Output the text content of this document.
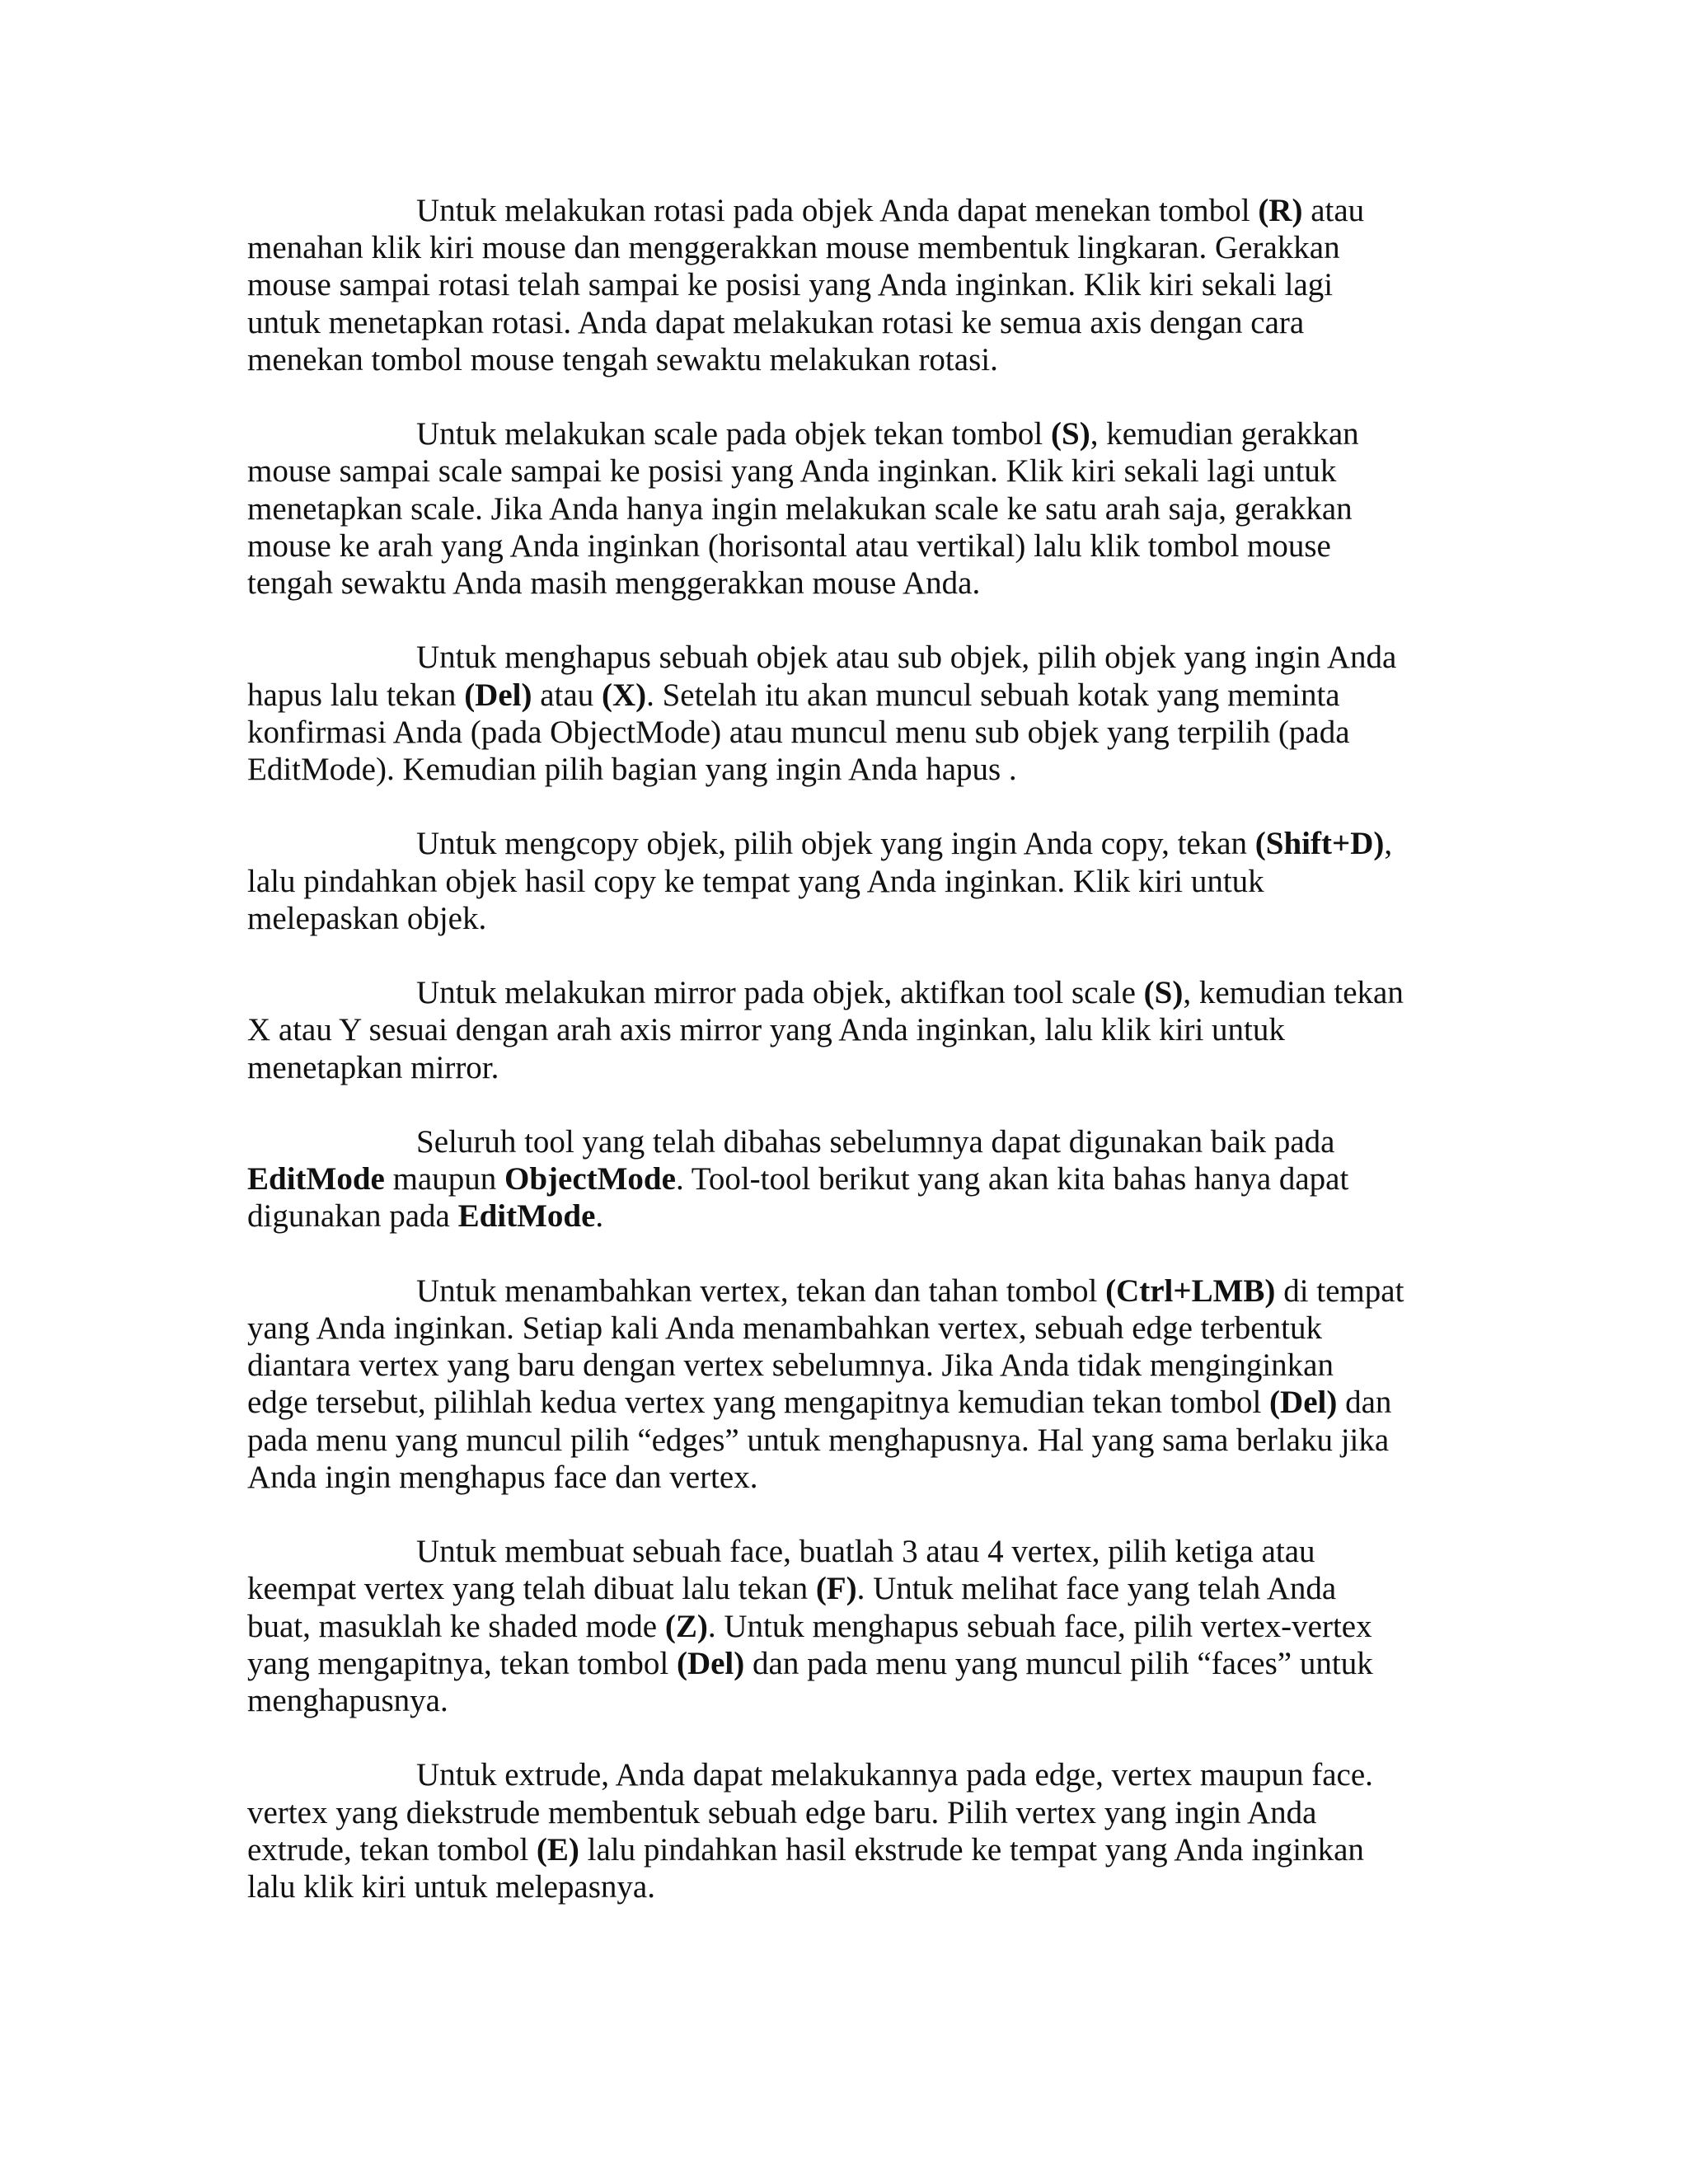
Untuk melakukan rotasi pada objek Anda dapat menekan tombol (R) atau
menahan klik kiri mouse dan menggerakkan mouse membentuk lingkaran. Gerakkan
mouse sampai rotasi telah sampai ke posisi yang Anda inginkan. Klik kiri sekali lagi
untuk menetapkan rotasi. Anda dapat melakukan rotasi ke semua axis dengan cara
menekan tombol mouse tengah sewaktu melakukan rotasi.

Untuk melakukan scale pada objek tekan tombol (S), kemudian gerakkan
mouse sampai scale sampai ke posisi yang Anda inginkan. Klik kiri sekali lagi untuk
menetapkan scale. Jika Anda hanya ingin melakukan scale ke satu arah saja, gerakkan
mouse ke arah yang Anda inginkan (horisontal atau vertikal) lalu klik tombol mouse
tengah sewaktu Anda masih menggerakkan mouse Anda.

Untuk menghapus sebuah objek atau sub objek, pilih objek yang ingin Anda
hapus lalu tekan (Del) atau (X). Setelah itu akan muncul sebuah kotak yang meminta
konfirmasi Anda (pada ObjectMode) atau muncul menu sub objek yang terpilih (pada
EditMode). Kemudian pilih bagian yang ingin Anda hapus .

Untuk mengcopy objek, pilih objek yang ingin Anda copy, tekan (Shift+D),
lalu pindahkan objek hasil copy ke tempat yang Anda inginkan. Klik kiri untuk
melepaskan objek.

Untuk melakukan mirror pada objek, aktifkan tool scale (S), kemudian tekan
X atau Y sesuai dengan arah axis mirror yang Anda inginkan, lalu klik kiri untuk
menetapkan mirror.

Seluruh tool yang telah dibahas sebelumnya dapat digunakan baik pada
EditMode maupun ObjectMode. Tool-tool berikut yang akan kita bahas hanya dapat
digunakan pada EditMode.

Untuk menambahkan vertex, tekan dan tahan tombol (Ctrl+LMB) di tempat
yang Anda inginkan. Setiap kali Anda menambahkan vertex, sebuah edge terbentuk
diantara vertex yang baru dengan vertex sebelumnya. Jika Anda tidak menginginkan
edge tersebut, pilihlah kedua vertex yang mengapitnya kemudian tekan tombol (Del) dan
pada menu yang muncul pilih “edges” untuk menghapusnya. Hal yang sama berlaku jika
Anda ingin menghapus face dan vertex.

Untuk membuat sebuah face, buatlah 3 atau 4 vertex, pilih ketiga atau
keempat vertex yang telah dibuat lalu tekan (F). Untuk melihat face yang telah Anda
buat, masuklah ke shaded mode (Z). Untuk menghapus sebuah face, pilih vertex-vertex
yang mengapitnya, tekan tombol (Del) dan pada menu yang muncul pilih “faces” untuk
menghapusnya.

Untuk extrude, Anda dapat melakukannya pada edge, vertex maupun face.
vertex yang diekstrude membentuk sebuah edge baru. Pilih vertex yang ingin Anda
extrude, tekan tombol (E) lalu pindahkan hasil ekstrude ke tempat yang Anda inginkan
lalu klik kiri untuk melepasnya.
